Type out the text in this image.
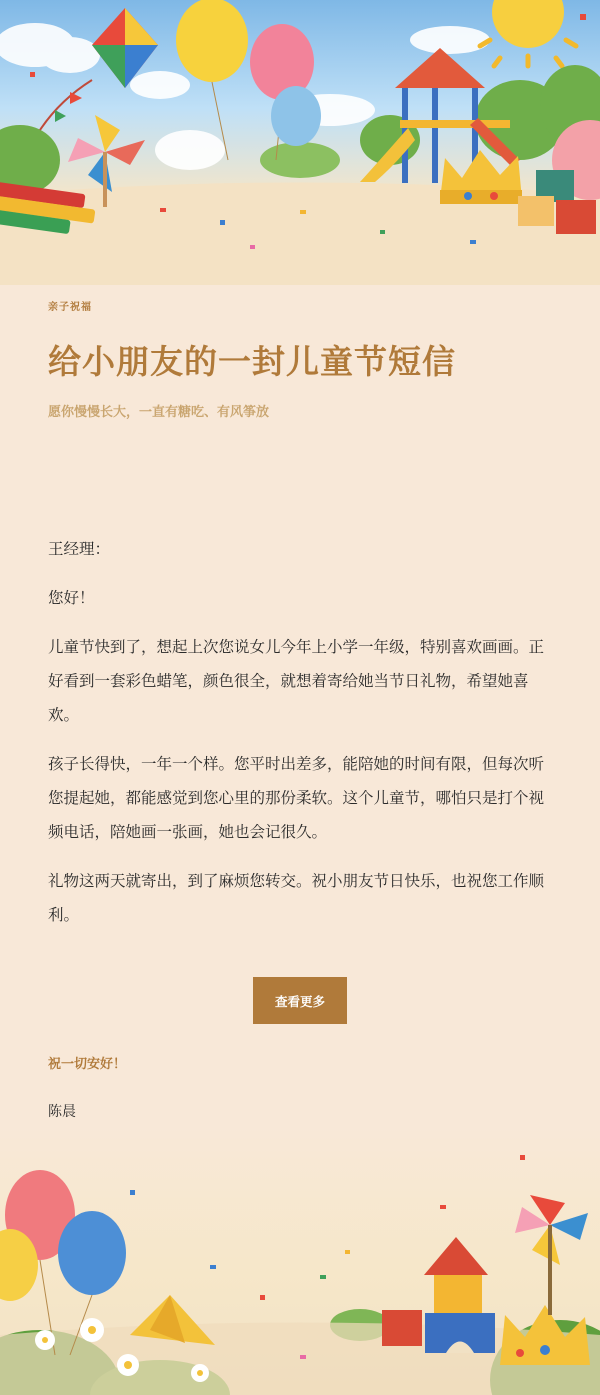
亲子祝福
给小朋友的一封儿童节短信
愿你慢慢长大，一直有糖吃、有风筝放

王经理：

您好！

儿童节快到了，想起上次您说女儿今年上小学一年级，特别喜欢画画。正好看到一套彩色蜡笔，颜色很全，就想着寄给她当节日礼物，希望她喜欢。

孩子长得快，一年一个样。您平时出差多，能陪她的时间有限，但每次听您提起她，都能感觉到您心里的那份柔软。这个儿童节，哪怕只是打个视频电话，陪她画一张画，她也会记很久。

礼物这两天就寄出，到了麻烦您转交。祝小朋友节日快乐，也祝您工作顺利。

查看更多
祝一切安好！
陈晨
